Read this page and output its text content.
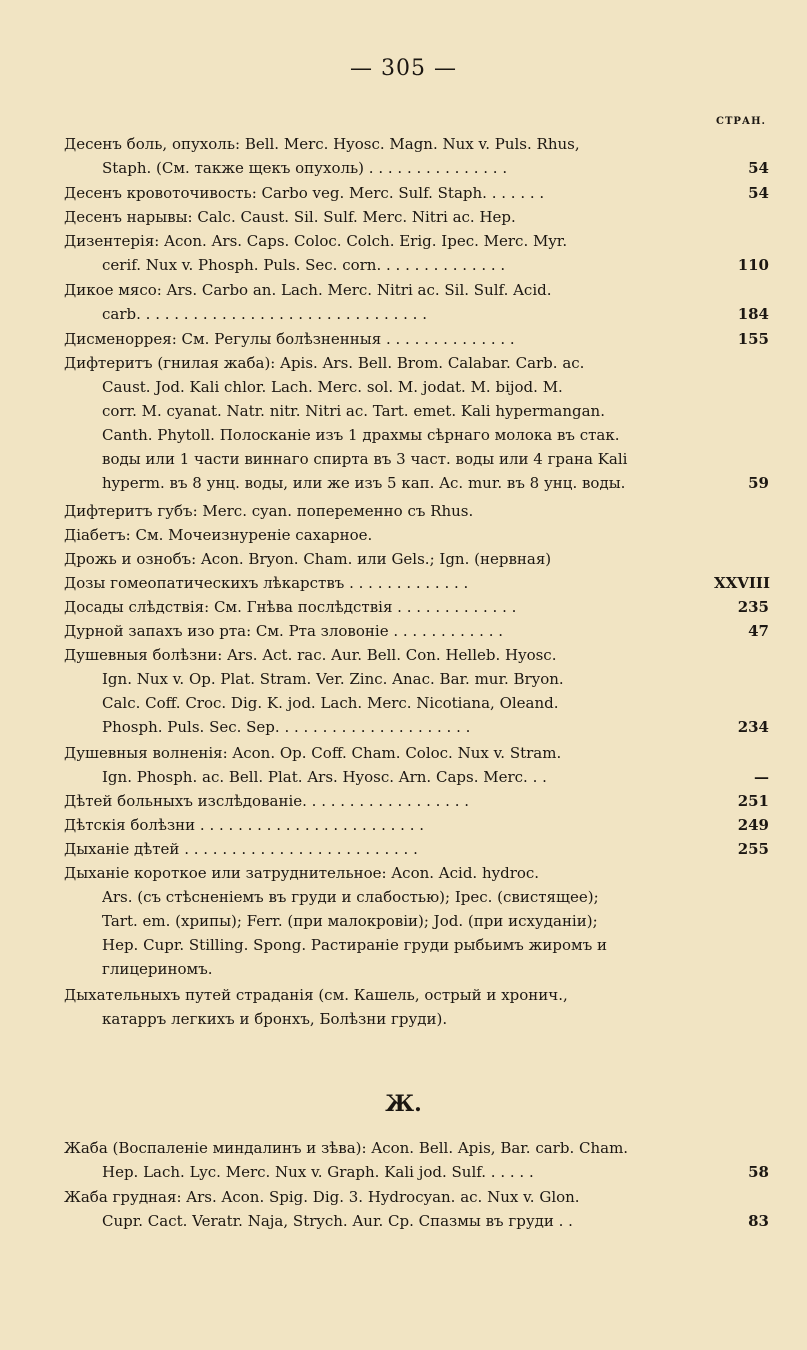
— 305 —
СТРАН.
Ж.
Десенъ боль, опухоль: Bell. Merc. Hyosc. Magn. Nux v. Puls. Rhus,
Staph. (См. также щекъ опухоль) . . . . . . . . . . . . . . .	54
Десенъ кровоточивость: Carbo veg. Merc. Sulf. Staph. . . . . . .	54
Десенъ нарывы: Calc. Caust. Sil. Sulf. Merc. Nitri ac. Hep.
Дизентерія: Acon. Ars. Caps. Coloc. Colch. Erig. Ipec. Merc. Myr.
cerif. Nux v. Phosph. Puls. Sec. corn. . . . . . . . . . . . . .	110
Дикое мясо: Ars. Carbo an. Lach. Merc. Nitri ac. Sil. Sulf. Acid.
carb. . . . . . . . . . . . . . . . . . . . . . . . . . . . . . .	184
Дисменоррея: См. Регулы болѣзненныя . . . . . . . . . . . . . .	155
Дифтеритъ (гнилая жаба): Apis. Ars. Bell. Brom. Calabar. Carb. ac.
Caust. Jod. Kali chlor. Lach. Merc. sol. M. jodat. M. bijod. M.
corr. M. cyanat. Natr. nitr. Nitri ac. Tart. emet. Kali hypermangan.
Canth. Phytoll. Полосканіе изъ 1 драхмы сѣрнаго молока въ стак.
воды или 1 части виннаго спирта въ 3 част. воды или 4 грана Kali
hyperm. въ 8 унц. воды, или же изъ 5 кап. Ac. mur. въ 8 унц. воды.	59
Дифтеритъ губъ: Merc. cyan. попеременно съ Rhus.
Діабетъ: См. Мочеизнуреніе сахарное.
Дрожь и ознобъ: Acon. Bryon. Cham. или Gels.; Ign. (нервная)
Дозы гомеопатическихъ лѣкарствъ . . . . . . . . . . . . .	XXVIII
Досады слѣдствія: См. Гнѣва послѣдствія . . . . . . . . . . . . .	235
Дурной запахъ изо рта: См. Рта зловоніе . . . . . . . . . . . .	47
Душевныя болѣзни: Ars. Act. rac. Aur. Bell. Con. Helleb. Hyosc.
Ign. Nux v. Op. Plat. Stram. Ver. Zinc. Anac. Bar. mur. Bryon.
Calc. Coff. Croc. Dig. K. jod. Lach. Merc. Nicotiana, Oleand.
Phosph. Puls. Sec. Sep. . . . . . . . . . . . . . . . . . . . .	234
Душевныя волненія: Acon. Op. Coff. Cham. Coloc. Nux v. Stram.
Ign. Phosph. ac. Bell. Plat. Ars. Hyosc. Arn. Caps. Merc. . .	—
Дѣтей больныхъ изслѣдованіе. . . . . . . . . . . . . . . . . .	251
Дѣтскія болѣзни . . . . . . . . . . . . . . . . . . . . . . . .	249
Дыханіе дѣтей . . . . . . . . . . . . . . . . . . . . . . . . .	255
Дыханіе короткое или затруднительное: Acon. Acid. hydroc.
Ars. (съ стѣсненіемъ въ груди и слабостью); Ipec. (свистящее);
Tart. em. (хрипы); Ferr. (при малокровіи); Jod. (при исхуданіи);
Hep. Cupr. Stilling. Spong. Растираніе груди рыбьимъ жиромъ и
глицериномъ.
Дыхательныхъ путей страданія (см. Кашель, острый и хронич.,
катарръ легкихъ и бронхъ, Болѣзни груди).
Жаба (Воспаленіе миндалинъ и зѣва): Acon. Bell. Apis, Bar. carb. Cham.
Hep. Lach. Lyc. Merc. Nux v. Graph. Kali jod. Sulf. . . . . .	58
Жаба грудная: Ars. Acon. Spig. Dig. 3. Hydrocyan. ac. Nux v. Glon.
Cupr. Cact. Veratr. Naja, Strych. Aur. Ср. Спазмы въ груди . .	83
